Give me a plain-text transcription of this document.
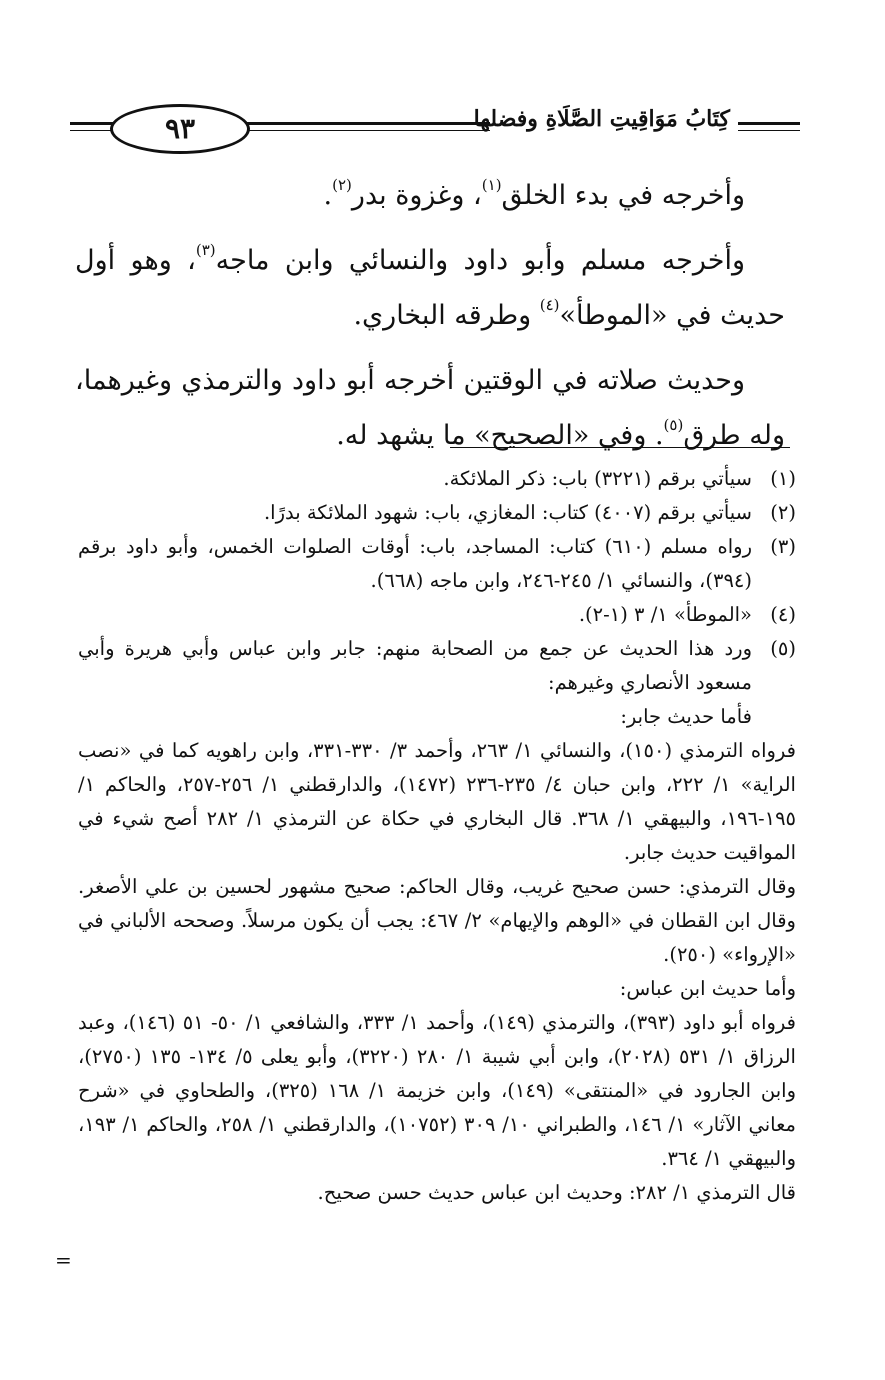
٩٣	كِتَابُ مَوَاقِيتِ الصَّلَاةِ وفضلها

وأخرجه في بدء الخلق$^{(١)}$، وغزوة بدر$^{(٢)}$.

وأخرجه مسلم وأبو داود والنسائي وابن ماجه$^{(٣)}$، وهو أول حديث في «الموطأ»$^{(٤)}$ وطرقه البخاري.

وحديث صلاته في الوقتين أخرجه أبو داود والترمذي وغيرهما، وله طرق$^{(٥)}$. وفي «الصحيح» ما يشهد له.

(١)
سيأتي برقم (٣٢٢١) باب: ذكر الملائكة.
(٢)
سيأتي برقم (٤٠٠٧) كتاب: المغازي، باب: شهود الملائكة بدرًا.
(٣)
رواه مسلم (٦١٠) كتاب: المساجد، باب: أوقات الصلوات الخمس، وأبو داود برقم (٣٩٤)، والنسائي ١/ ٢٤٥-٢٤٦، وابن ماجه (٦٦٨).
(٤)
«الموطأ» ١/ ٣ (١-٢).
(٥)
ورد هذا الحديث عن جمع من الصحابة منهم: جابر وابن عباس وأبي هريرة وأبي مسعود الأنصاري وغيرهم:
فأما حديث جابر:
فرواه الترمذي (١٥٠)، والنسائي ١/ ٢٦٣، وأحمد ٣/ ٣٣٠-٣٣١، وابن راهويه كما في «نصب الراية» ١/ ٢٢٢، وابن حبان ٤/ ٢٣٥-٢٣٦ (١٤٧٢)، والدارقطني ١/ ٢٥٦-٢٥٧، والحاكم ١/ ١٩٥-١٩٦، والبيهقي ١/ ٣٦٨. قال البخاري في حكاة عن الترمذي ١/ ٢٨٢ أصح شيء في المواقيت حديث جابر.
وقال الترمذي: حسن صحيح غريب، وقال الحاكم: صحيح مشهور لحسين بن علي الأصغر. وقال ابن القطان في «الوهم والإيهام» ٢/ ٤٦٧: يجب أن يكون مرسلاً. وصححه الألباني في «الإرواء» (٢٥٠).
وأما حديث ابن عباس:
فرواه أبو داود (٣٩٣)، والترمذي (١٤٩)، وأحمد ١/ ٣٣٣، والشافعي ١/ ٥٠- ٥١ (١٤٦)، وعبد الرزاق ١/ ٥٣١ (٢٠٢٨)، وابن أبي شيبة ١/ ٢٨٠ (٣٢٢٠)، وأبو يعلى ٥/ ١٣٤- ١٣٥ (٢٧٥٠)، وابن الجارود في «المنتقى» (١٤٩)، وابن خزيمة ١/ ١٦٨ (٣٢٥)، والطحاوي في «شرح معاني الآثار» ١/ ١٤٦، والطبراني ١٠/ ٣٠٩ (١٠٧٥٢)، والدارقطني ١/ ٢٥٨، والحاكم ١/ ١٩٣، والبيهقي ١/ ٣٦٤.
قال الترمذي ١/ ٢٨٢: وحديث ابن عباس حديث حسن صحيح.
=
